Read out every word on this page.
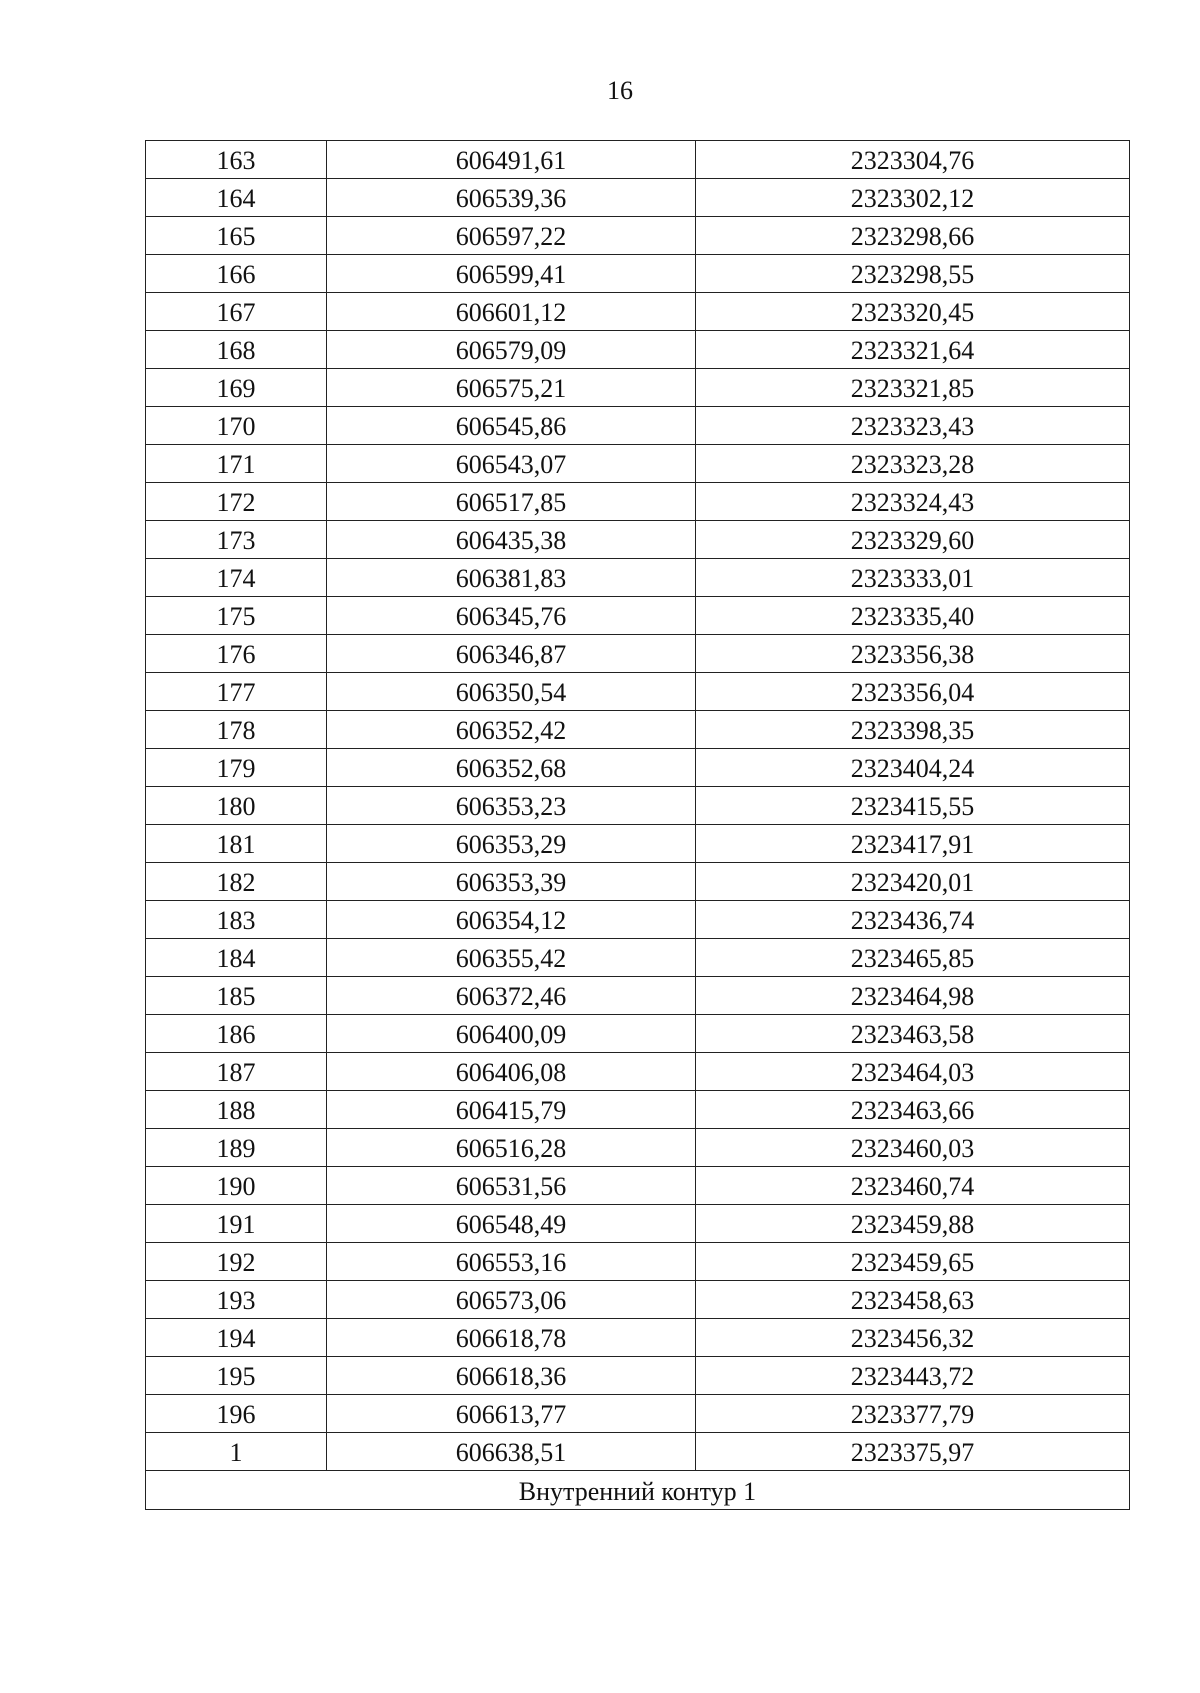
16
163	606491,61	2323304,76
164	606539,36	2323302,12
165	606597,22	2323298,66
166	606599,41	2323298,55
167	606601,12	2323320,45
168	606579,09	2323321,64
169	606575,21	2323321,85
170	606545,86	2323323,43
171	606543,07	2323323,28
172	606517,85	2323324,43
173	606435,38	2323329,60
174	606381,83	2323333,01
175	606345,76	2323335,40
176	606346,87	2323356,38
177	606350,54	2323356,04
178	606352,42	2323398,35
179	606352,68	2323404,24
180	606353,23	2323415,55
181	606353,29	2323417,91
182	606353,39	2323420,01
183	606354,12	2323436,74
184	606355,42	2323465,85
185	606372,46	2323464,98
186	606400,09	2323463,58
187	606406,08	2323464,03
188	606415,79	2323463,66
189	606516,28	2323460,03
190	606531,56	2323460,74
191	606548,49	2323459,88
192	606553,16	2323459,65
193	606573,06	2323458,63
194	606618,78	2323456,32
195	606618,36	2323443,72
196	606613,77	2323377,79
1	606638,51	2323375,97
Внутренний контур 1		
